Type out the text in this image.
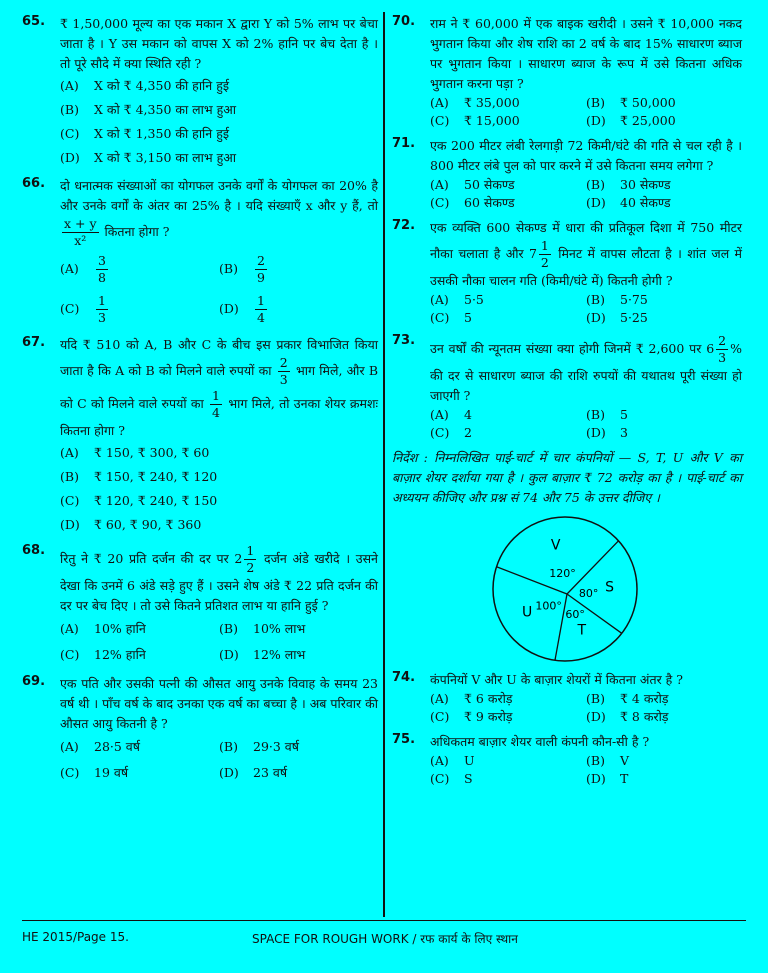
65. ₹ 1,50,000 मूल्य का एक मकान X द्वारा Y को 5% लाभ पर बेचा जाता है । Y उस मकान को वापस X को 2% हानि पर बेच देता है । तो पूरे सौदे में क्या स्थिति रही ?
(A) X को ₹ 4,350 की हानि हुई
(B) X को ₹ 4,350 का लाभ हुआ
(C) X को ₹ 1,350 की हानि हुई
(D) X को ₹ 3,150 का लाभ हुआ
66. दो धनात्मक संख्याओं का योगफल उनके वर्गों के योगफल का 20% है और उनके वर्गों के अंतर का 25% है । यदि संख्याएँ x और y हैं, तो
$\frac{x + y}{\text{x²}}$ कितना होगा ?
(A)	$\frac{3}{8}$	(B)	$\frac{2}{9}$
(C)	$\frac{1}{3}$	(D)	$\frac{1}{4}$
67. यदि ₹ 510 को A, B और C के बीच इस प्रकार विभाजित किया जाता है कि A को B को मिलने वाले रुपयों का $\frac{2}{3}$ भाग मिले, और B को C को मिलने वाले रुपयों का $\frac{1}{4}$ भाग मिले, तो उनका शेयर क्रमशः कितना होगा ?
(A) ₹ 150, ₹ 300, ₹ 60
(B) ₹ 150, ₹ 240, ₹ 120
(C) ₹ 120, ₹ 240, ₹ 150
(D) ₹ 60, ₹ 90, ₹ 360
68.
रितु ने ₹ 20 प्रति दर्जन की दर पर $2 \frac{1}{2}$ दर्जन अंडे खरीदे । उसने देखा कि उनमें 6 अंडे सड़े हुए हैं । उसने शेष अंडे ₹ 22 प्रति दर्जन की दर पर बेच दिए । तो उसे कितने प्रतिशत लाभ या हानि हुई ?
(A) 10% हानि	(B) 10% लाभ
(C) 12% हानि	(D) 12% लाभ
69. एक पति और उसकी पत्नी की औसत आयु उनके विवाह के समय 23 वर्ष थी । पाँच वर्ष के बाद उनका एक वर्ष का बच्चा है । अब परिवार की औसत आयु कितनी है ?
(A) 28·5 वर्ष	(B) 29·3 वर्ष
(C) 19 वर्ष	(D) 23 वर्ष
70. राम ने ₹ 60,000 में एक बाइक खरीदी । उसने ₹ 10,000 नकद भुगतान किया और शेष राशि का 2 वर्ष के बाद 15% साधारण ब्याज पर भुगतान किया । साधारण ब्याज के रूप में उसे कितना अधिक भुगतान करना पड़ा ?
(A) ₹ 35,000	(B) ₹ 50,000
(C) ₹ 15,000	(D) ₹ 25,000
71. एक 200 मीटर लंबी रेलगाड़ी 72 किमी/घंटे की गति से चल रही है । 800 मीटर लंबे पुल को पार करने में उसे कितना समय लगेगा ?
(A) 50 सेकण्ड	(B) 30 सेकण्ड
(C) 60 सेकण्ड	(D) 40 सेकण्ड
72. एक व्यक्ति 600 सेकण्ड में धारा की प्रतिकूल दिशा में 750 मीटर नौका चलाता है और $7 \frac{1}{2}$ मिनट में वापस लौटता है । शांत जल में उसकी नौका चालन गति (किमी/घंटे में) कितनी होगी ?
(A) 5·5	(B) 5·75
(C) 5	(D) 5·25
73.
उन वर्षों की न्यूनतम संख्या क्या होगी जिनमें ₹ 2,600 पर $6 \frac{2}{3}$ % की दर से साधारण ब्याज की राशि रुपयों की यथातथ पूरी संख्या हो जाएगी ?
(A) 4	(B) 5
(C) 2	(D) 3
निर्देश : निम्नलिखित पाई-चार्ट में चार कंपनियों — S, T, U और V का बाज़ार शेयर दर्शाया गया है । कुल बाज़ार ₹ 72 करोड़ का है । पाई-चार्ट का अध्ययन कीजिए और प्रश्न सं 74 और 75 के उत्तर दीजिए ।
V
120°
S
80°
T
60°
U 100°
74. कंपनियों V और U के बाज़ार शेयरों में कितना अंतर है ?
(A) ₹ 6 करोड़	(B) ₹ 4 करोड़
(C) ₹ 9 करोड़	(D) ₹ 8 करोड़
75. अधिकतम बाज़ार शेयर वाली कंपनी कौन-सी है ?
(A) U	(B) V
(C) S	(D) T
HE 2015/Page 15.	SPACE FOR ROUGH WORK / रफ कार्य के लिए स्थान
